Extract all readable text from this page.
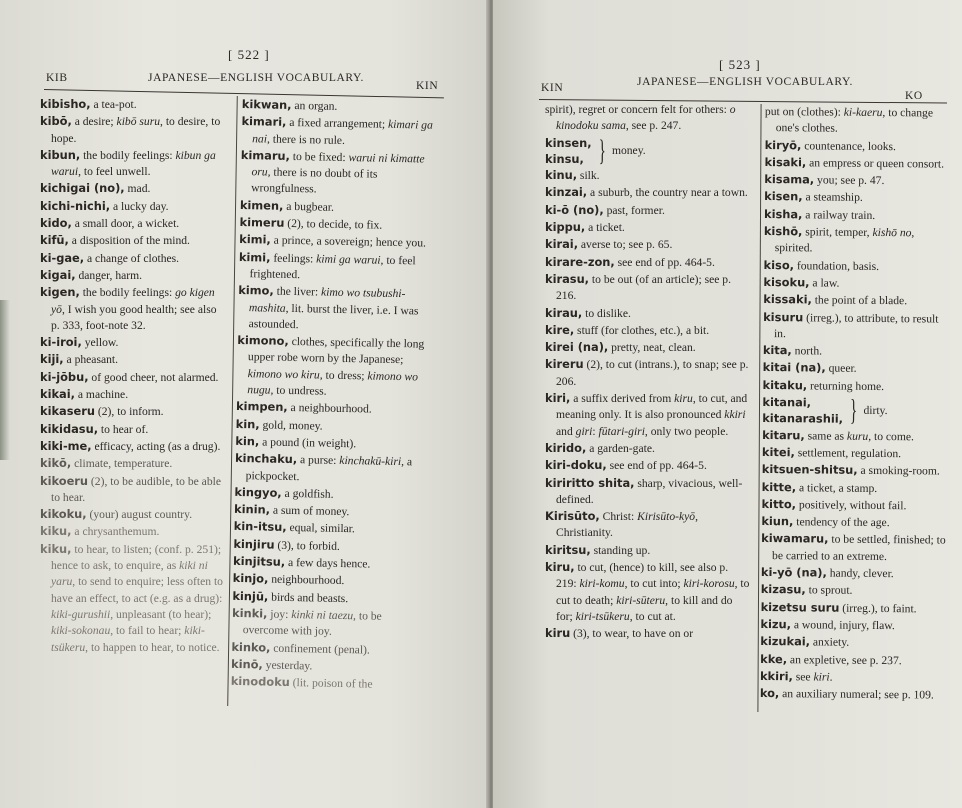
[ 522 ]
KIB	JAPANESE—ENGLISH VOCABULARY.
KIN

kibisho, a tea-pot.

kibō, a desire; kibō suru, to desire, to hope.

kibun, the bodily feelings: kibun ga warui, to feel unwell.

kichigai (no), mad.

kichi-nichi, a lucky day.

kido, a small door, a wicket.

kifū, a disposition of the mind.

ki-gae, a change of clothes.

kigai, danger, harm.

kigen, the bodily feelings: go kigen yō, I wish you good health; see also p. 333, foot-note 32.

ki-iroi, yellow.

kiji, a pheasant.

ki-jōbu, of good cheer, not alarmed.

kikai, a machine.

kikaseru (2), to inform.

kikidasu, to hear of.

kiki-me, efficacy, acting (as a drug).

kikō, climate, temperature.

kikoeru (2), to be audible, to be able to hear.

kikoku, (your) august country.

kiku, a chrysanthemum.

kiku, to hear, to listen; (conf. p. 251); hence to ask, to enquire, as kiki ni yaru, to send to enquire; less often to have an effect, to act (e.g. as a drug): kiki-gurushii, unpleasant (to hear); kiki-sokonau, to fail to hear; kiki-tsükeru, to happen to hear, to notice.

kikwan, an organ.

kimari, a fixed arrangement; kimari ga nai, there is no rule.

kimaru, to be fixed: warui ni kimatte oru, there is no doubt of its wrongfulness.

kimen, a bugbear.

kimeru (2), to decide, to fix.

kimi, a prince, a sovereign; hence you.

kimi, feelings: kimi ga warui, to feel frightened.

kimo, the liver: kimo wo tsubushi-mashita, lit. burst the liver, i.e. I was astounded.

kimono, clothes, specifically the long upper robe worn by the Japanese; kimono wo kiru, to dress; kimono wo nugu, to undress.

kimpen, a neighbourhood.

kin, gold, money.

kin, a pound (in weight).

kinchaku, a purse: kinchakū-kiri, a pickpocket.

kingyo, a goldfish.

kinin, a sum of money.

kin-itsu, equal, similar.

kinjiru (3), to forbid.

kinjitsu, a few days hence.

kinjo, neighbourhood.

kinjū, birds and beasts.

kinki, joy: kinki ni taezu, to be overcome with joy.

kinko, confinement (penal).

kinō, yesterday.

kinodoku (lit. poison of the

[ 523 ]
KIN	JAPANESE—ENGLISH VOCABULARY.
KO

spirit), regret or concern felt for others: o kinodoku sama, see p. 247.

kinsen,
kinsu, } money.

kinu, silk.

kinzai, a suburb, the country near a town.

ki-ō (no), past, former.

kippu, a ticket.

kirai, averse to; see p. 65.

kirare-zon, see end of pp. 464-5.

kirasu, to be out (of an article); see p. 216.

kirau, to dislike.

kire, stuff (for clothes, etc.), a bit.

kirei (na), pretty, neat, clean.

kireru (2), to cut (intrans.), to snap; see p. 206.

kiri, a suffix derived from kiru, to cut, and meaning only. It is also pronounced kkiri and giri: fūtari-giri, only two people.

kirido, a garden-gate.

kiri-doku, see end of pp. 464-5.

kiriritto shita, sharp, vivacious, well-defined.

Kirisūto, Christ: Kirisūto-kyō, Christianity.

kiritsu, standing up.

kiru, to cut, (hence) to kill, see also p. 219: kiri-komu, to cut into; kiri-korosu, to cut to death; kiri-sūteru, to kill and do for; kiri-tsūkeru, to cut at.

kiru (3), to wear, to have on or

put on (clothes): ki-kaeru, to change one's clothes.

kiryō, countenance, looks.

kisaki, an empress or queen consort.

kisama, you; see p. 47.

kisen, a steamship.

kisha, a railway train.

kishō, spirit, temper, kishō no, spirited.

kiso, foundation, basis.

kisoku, a law.

kissaki, the point of a blade.

kisuru (irreg.), to attribute, to result in.

kita, north.

kitai (na), queer.

kitaku, returning home.

kitanai,
kitanarashii, } dirty.

kitaru, same as kuru, to come.

kitei, settlement, regulation.

kitsuen-shitsu, a smoking-room.

kitte, a ticket, a stamp.

kitto, positively, without fail.

kiun, tendency of the age.

kiwamaru, to be settled, finished; to be carried to an extreme.

ki-yō (na), handy, clever.

kizasu, to sprout.

kizetsu suru (irreg.), to faint.

kizu, a wound, injury, flaw.

kizukai, anxiety.

kke, an expletive, see p. 237.

kkiri, see kiri.

ko, an auxiliary numeral; see p. 109.
